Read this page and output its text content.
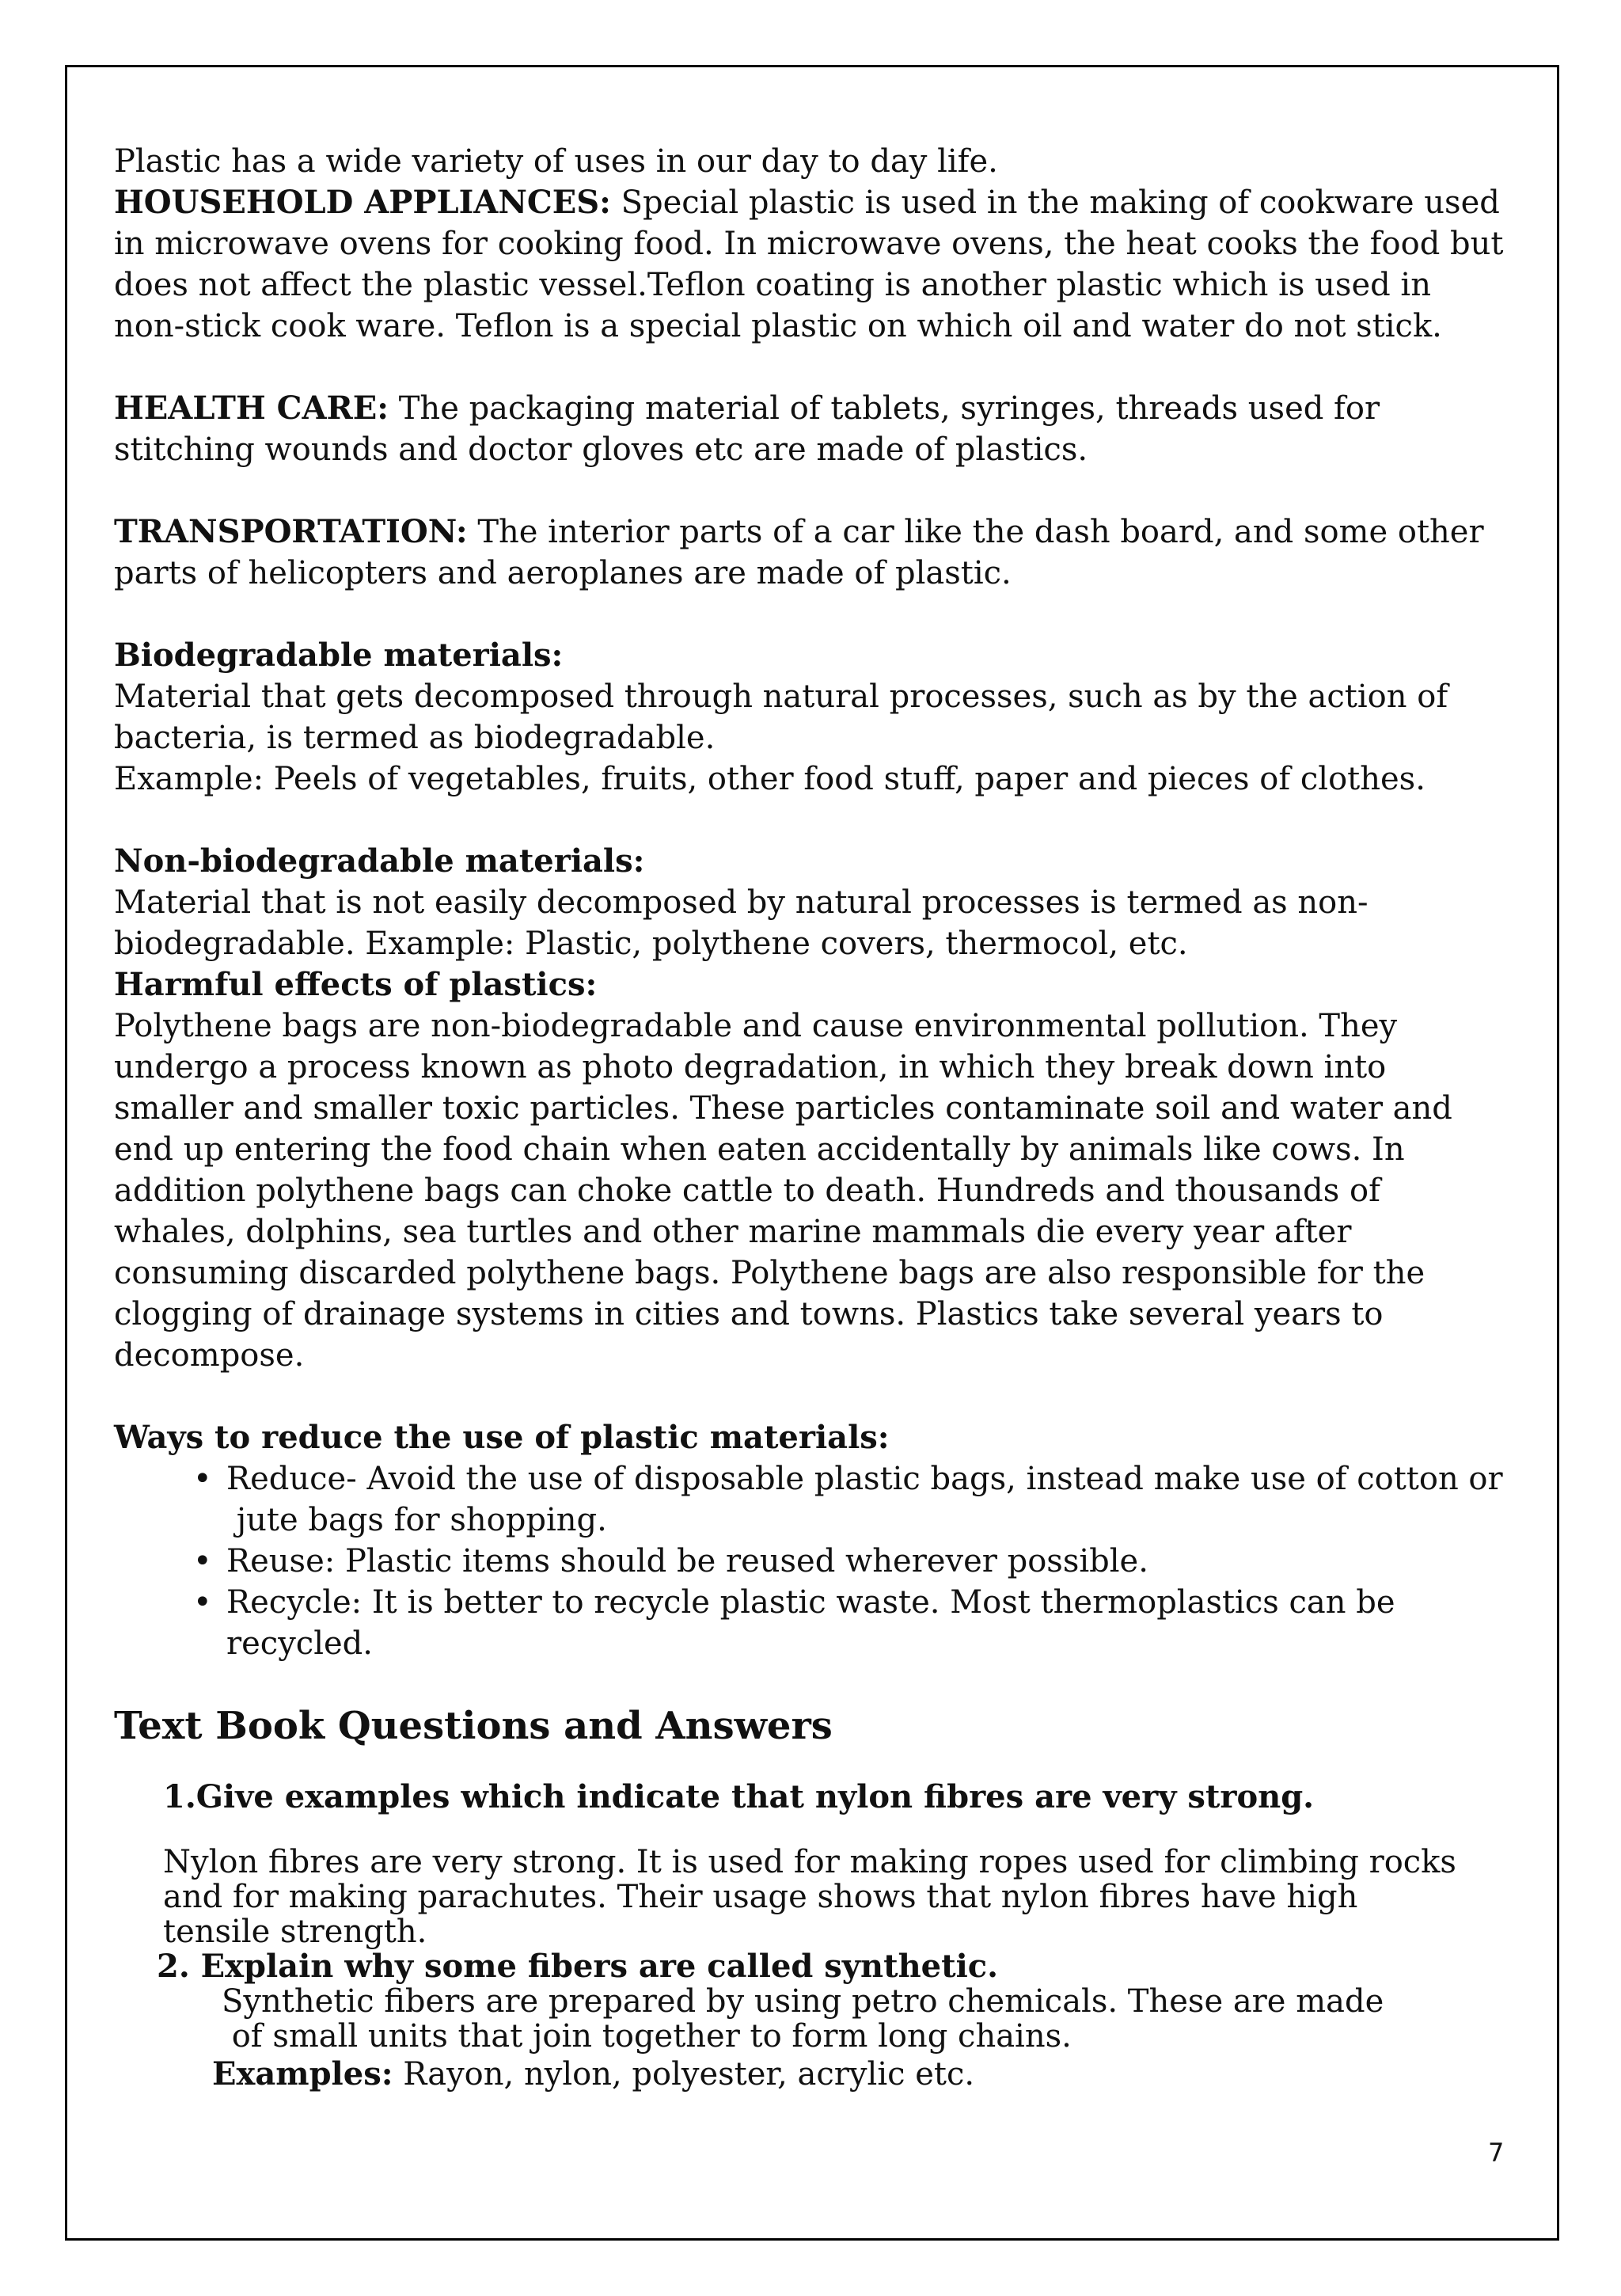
Plastic has a wide variety of uses in our day to day life.

HOUSEHOLD APPLIANCES: Special plastic is used in the making of cookware used

in microwave ovens for cooking food. In microwave ovens, the heat cooks the food but

does not affect the plastic vessel.Teflon coating is another plastic which is used in

non-stick cook ware. Teflon is a special plastic on which oil and water do not stick.

HEALTH CARE: The packaging material of tablets, syringes, threads used for

stitching wounds and doctor gloves etc are made of plastics.

TRANSPORTATION: The interior parts of a car like the dash board, and some other

parts of helicopters and aeroplanes are made of plastic.

Biodegradable materials:

Material that gets decomposed through natural processes, such as by the action of

bacteria, is termed as biodegradable.

Example: Peels of vegetables, fruits, other food stuff, paper and pieces of clothes.

Non-biodegradable materials:

Material that is not easily decomposed by natural processes is termed as non-

biodegradable. Example: Plastic, polythene covers, thermocol, etc.

Harmful effects of plastics:

Polythene bags are non-biodegradable and cause environmental pollution. They

undergo a process known as photo degradation, in which they break down into

smaller and smaller toxic particles. These particles contaminate soil and water and

end up entering the food chain when eaten accidentally by animals like cows. In

addition polythene bags can choke cattle to death. Hundreds and thousands of

whales, dolphins, sea turtles and other marine mammals die every year after

consuming discarded polythene bags. Polythene bags are also responsible for the

clogging of drainage systems in cities and towns. Plastics take several years to

decompose.

Ways to reduce the use of plastic materials:

• Reduce- Avoid the use of disposable plastic bags, instead make use of cotton or
jute bags for shopping.
• Reuse: Plastic items should be reused wherever possible.
• Recycle: It is better to recycle plastic waste. Most thermoplastics can be
recycled.

Text Book Questions and Answers

1.Give examples which indicate that nylon fibres are very strong.

Nylon fibres are very strong. It is used for making ropes used for climbing rocks

and for making parachutes. Their usage shows that nylon fibres have high

tensile strength.

2. Explain why some fibers are called synthetic.

Synthetic fibers are prepared by using petro chemicals. These are made

of small units that join together to form long chains.

Examples: Rayon, nylon, polyester, acrylic etc.

7
